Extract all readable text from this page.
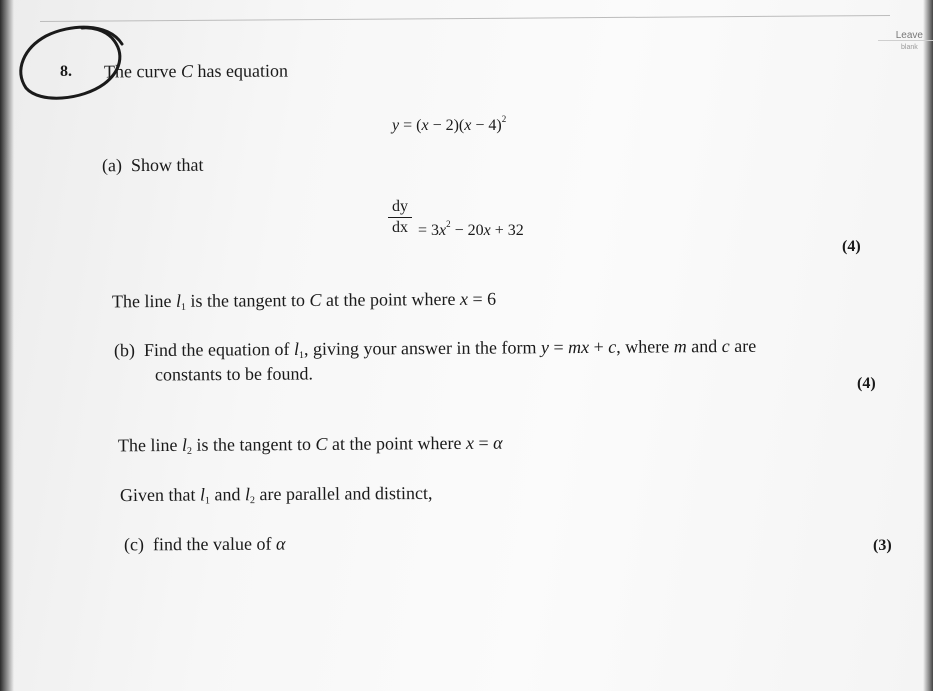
Leave
blank
8. The curve C has equation
$y = (x - 2)(x - 4)^2$
(a) Show that
dy
dx = $3x^2 - 20x + 32$
(4)
The line $l_1$ is the tangent to C at the point where x = 6
(b) Find the equation of $l_1$, giving your answer in the form y = mx + c, where m and c are
constants to be found.	(4)
The line $l_2$ is the tangent to C at the point where x = α
Given that $l_1$ and $l_2$ are parallel and distinct,
(c) find the value of α	(3)
